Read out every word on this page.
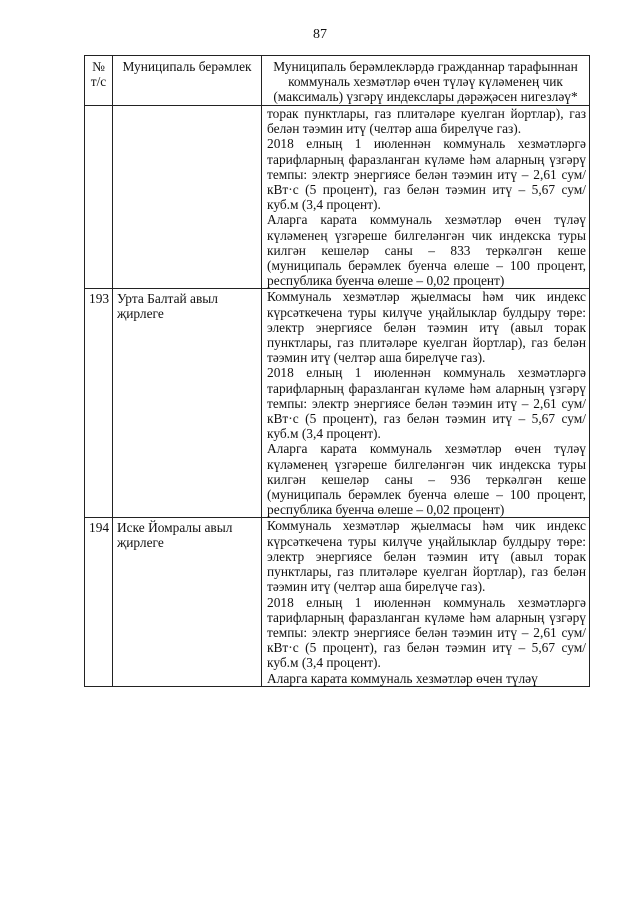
87
№ т/с	Муниципаль берәмлек	Муниципаль берәмлекләрдә гражданнар тарафыннан коммуналь хезмәтләр өчен түләү күләменең чик (максималь) үзгәрү индекслары дәрәҗәсен нигезләү*

		торак пунктлары, газ плитәләре куелган йортлар), газ белән тәэмин итү (челтәр аша бирелүче газ).

2018 елның 1 июленнән коммуналь хезмәтләргә тарифларның фаразланган күләме һәм аларның үзгәрү темпы: электр энергиясе белән тәэмин итү – 2,61 сум/кВт·с (5 процент), газ белән тәэмин итү – 5,67 сум/куб.м (3,4 процент).

Аларга карата коммуналь хезмәтләр өчен түләү күләменең үзгәреше билгеләнгән чик индекска туры килгән кешеләр саны – 833 теркәлгән кеше (муниципаль берәмлек буенча өлеше – 100 процент, республика буенча өлеше – 0,02 процент)

193	Урта Балтай авыл җирлеге	Коммуналь хезмәтләр җыелмасы һәм чик индекс күрсәткечена туры килүче уңайлыклар булдыру төре: электр энергиясе белән тәэмин итү (авыл торак пунктлары, газ плитәләре куелган йортлар), газ белән тәэмин итү (челтәр аша бирелүче газ).

2018 елның 1 июленнән коммуналь хезмәтләргә тарифларның фаразланган күләме һәм аларның үзгәрү темпы: электр энергиясе белән тәэмин итү – 2,61 сум/кВт·с (5 процент), газ белән тәэмин итү – 5,67 сум/куб.м (3,4 процент).

Аларга карата коммуналь хезмәтләр өчен түләү күләменең үзгәреше билгеләнгән чик индекска туры килгән кешеләр саны – 936 теркәлгән кеше (муниципаль берәмлек буенча өлеше – 100 процент, республика буенча өлеше – 0,02 процент)

194	Иске Йомралы авыл җирлеге	Коммуналь хезмәтләр җыелмасы һәм чик индекс күрсәткечена туры килүче уңайлыклар булдыру төре: электр энергиясе белән тәэмин итү (авыл торак пунктлары, газ плитәләре куелган йортлар), газ белән тәэмин итү (челтәр аша бирелүче газ).

2018 елның 1 июленнән коммуналь хезмәтләргә тарифларның фаразланган күләме һәм аларның үзгәрү темпы: электр энергиясе белән тәэмин итү – 2,61 сум/кВт·с (5 процент), газ белән тәэмин итү – 5,67 сум/куб.м (3,4 процент).

Аларга карата коммуналь хезмәтләр өчен түләү
